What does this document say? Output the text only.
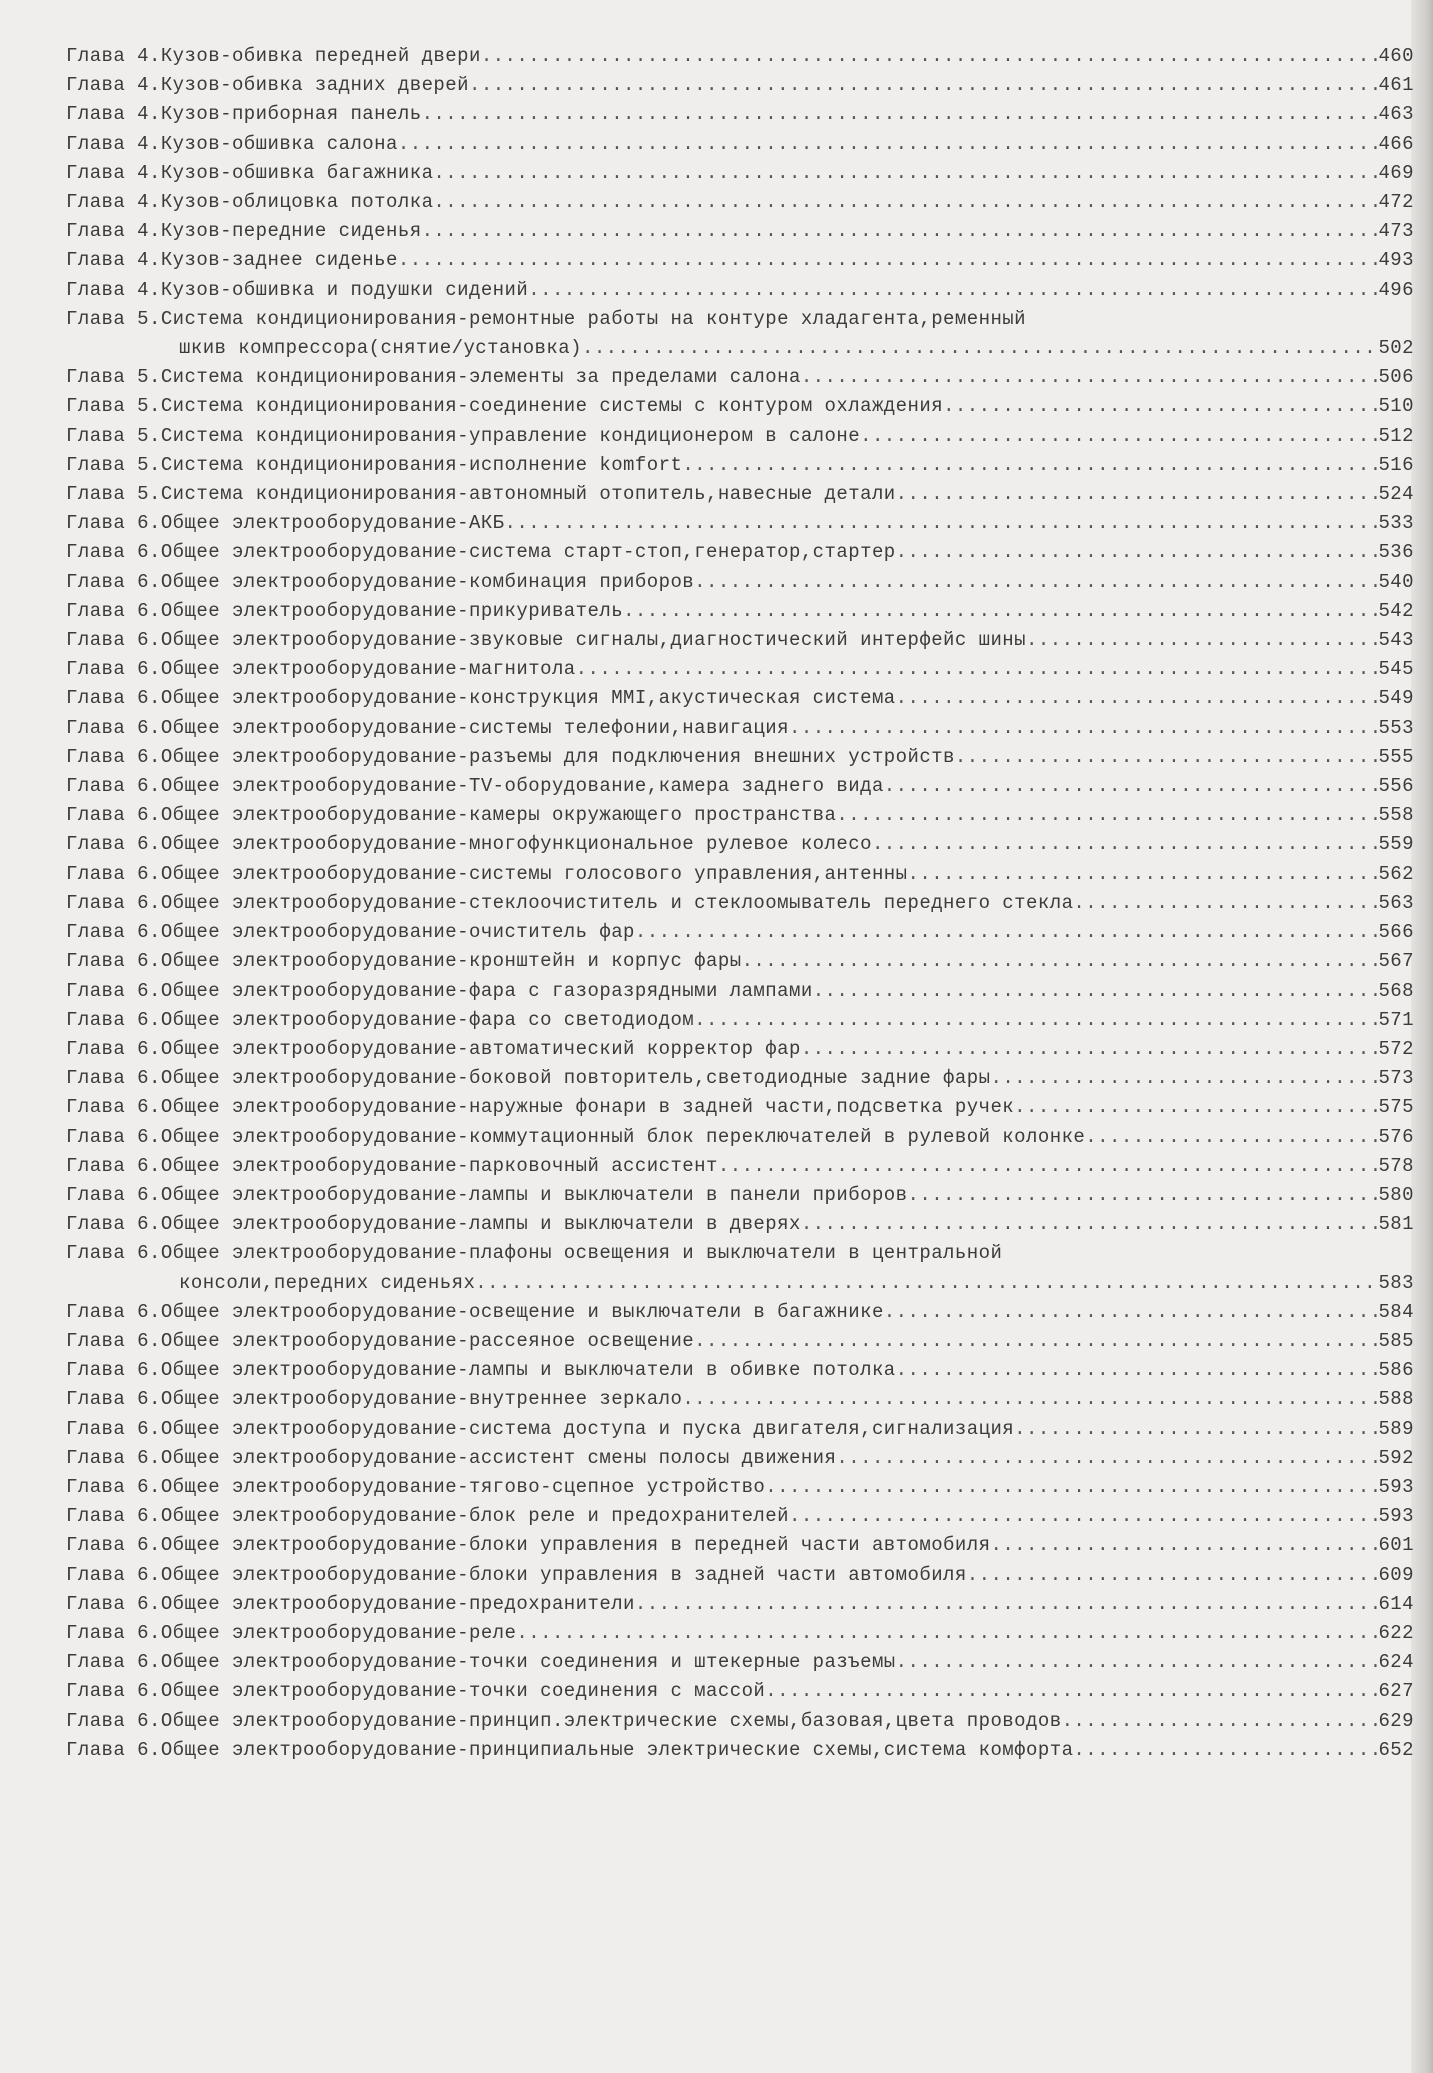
Глава 4. Кузов-обивка передней двери .....	460
Глава 4. Кузов-обивка задних дверей .....	461
Глава 4. Кузов-приборная панель .....	463
Глава 4. Кузов-обшивка салона .....	466
Глава 4. Кузов-обшивка багажника .....	469
Глава 4. Кузов-облицовка потолка .....	472
Глава 4. Кузов-передние сиденья .....	473
Глава 4. Кузов-заднее сиденье .....	493
Глава 4. Кузов-обшивка и подушки сидений .....	496
Глава 5. Система кондиционирования-ремонтные работы на контуре хладагента,ременный
шкив компрессора(снятие/установка) .....	502
Глава 5. Система кондиционирования-элементы за пределами салона .....	506
Глава 5. Система кондиционирования-соединение системы с контуром охлаждения .....	510
Глава 5. Система кондиционирования-управление кондиционером в салоне .....	512
Глава 5. Система кондиционирования-исполнение komfort .....	516
Глава 5. Система кондиционирования-автономный отопитель,навесные детали .....	524
Глава 6. Общее электрооборудование-АКБ .....	533
Глава 6. Общее электрооборудование-система старт-стоп,генератор,стартер .....	536
Глава 6. Общее электрооборудование-комбинация приборов .....	540
Глава 6. Общее электрооборудование-прикуриватель .....	542
Глава 6. Общее электрооборудование-звуковые сигналы,диагностический интерфейс шины .....	543
Глава 6. Общее электрооборудование-магнитола .....	545
Глава 6. Общее электрооборудование-конструкция MMI,акустическая система .....	549
Глава 6. Общее электрооборудование-системы телефонии,навигация .....	553
Глава 6. Общее электрооборудование-разъемы для подключения внешних устройств .....	555
Глава 6. Общее электрооборудование-TV-оборудование,камера заднего вида .....	556
Глава 6. Общее электрооборудование-камеры окружающего пространства .....	558
Глава 6. Общее электрооборудование-многофункциональное рулевое колесо .....	559
Глава 6. Общее электрооборудование-системы голосового управления,антенны .....	562
Глава 6. Общее электрооборудование-стеклоочиститель и стеклоомыватель переднего стекла .....	563
Глава 6. Общее электрооборудование-очиститель фар .....	566
Глава 6. Общее электрооборудование-кронштейн и корпус фары .....	567
Глава 6. Общее электрооборудование-фара с газоразрядными лампами .....	568
Глава 6. Общее электрооборудование-фара со светодиодом .....	571
Глава 6. Общее электрооборудование-автоматический корректор фар .....	572
Глава 6. Общее электрооборудование-боковой повторитель,светодиодные задние фары .....	573
Глава 6. Общее электрооборудование-наружные фонари в задней части,подсветка ручек .....	575
Глава 6. Общее электрооборудование-коммутационный блок переключателей в рулевой колонке .....	576
Глава 6. Общее электрооборудование-парковочный ассистент .....	578
Глава 6. Общее электрооборудование-лампы и выключатели в панели приборов .....	580
Глава 6. Общее электрооборудование-лампы и выключатели в дверях .....	581
Глава 6. Общее электрооборудование-плафоны освещения и выключатели в центральной
консоли,передних сиденьях .....	583
Глава 6. Общее электрооборудование-освещение и выключатели в багажнике .....	584
Глава 6. Общее электрооборудование-рассеяное освещение .....	585
Глава 6. Общее электрооборудование-лампы и выключатели в обивке потолка .....	586
Глава 6. Общее электрооборудование-внутреннее зеркало .....	588
Глава 6. Общее электрооборудование-система доступа и пуска двигателя,сигнализация .....	589
Глава 6. Общее электрооборудование-ассистент смены полосы движения .....	592
Глава 6. Общее электрооборудование-тягово-сцепное устройство .....	593
Глава 6. Общее электрооборудование-блок реле и предохранителей .....	593
Глава 6. Общее электрооборудование-блоки управления в передней части автомобиля .....	601
Глава 6. Общее электрооборудование-блоки управления в задней части автомобиля .....	609
Глава 6. Общее электрооборудование-предохранители .....	614
Глава 6. Общее электрооборудование-реле .....	622
Глава 6. Общее электрооборудование-точки соединения и штекерные разъемы .....	624
Глава 6. Общее электрооборудование-точки соединения с массой .....	627
Глава 6. Общее электрооборудование-принцип.электрические схемы,базовая,цвета проводов .....	629
Глава 6. Общее электрооборудование-принципиальные электрические схемы,система комфорта .....	652
